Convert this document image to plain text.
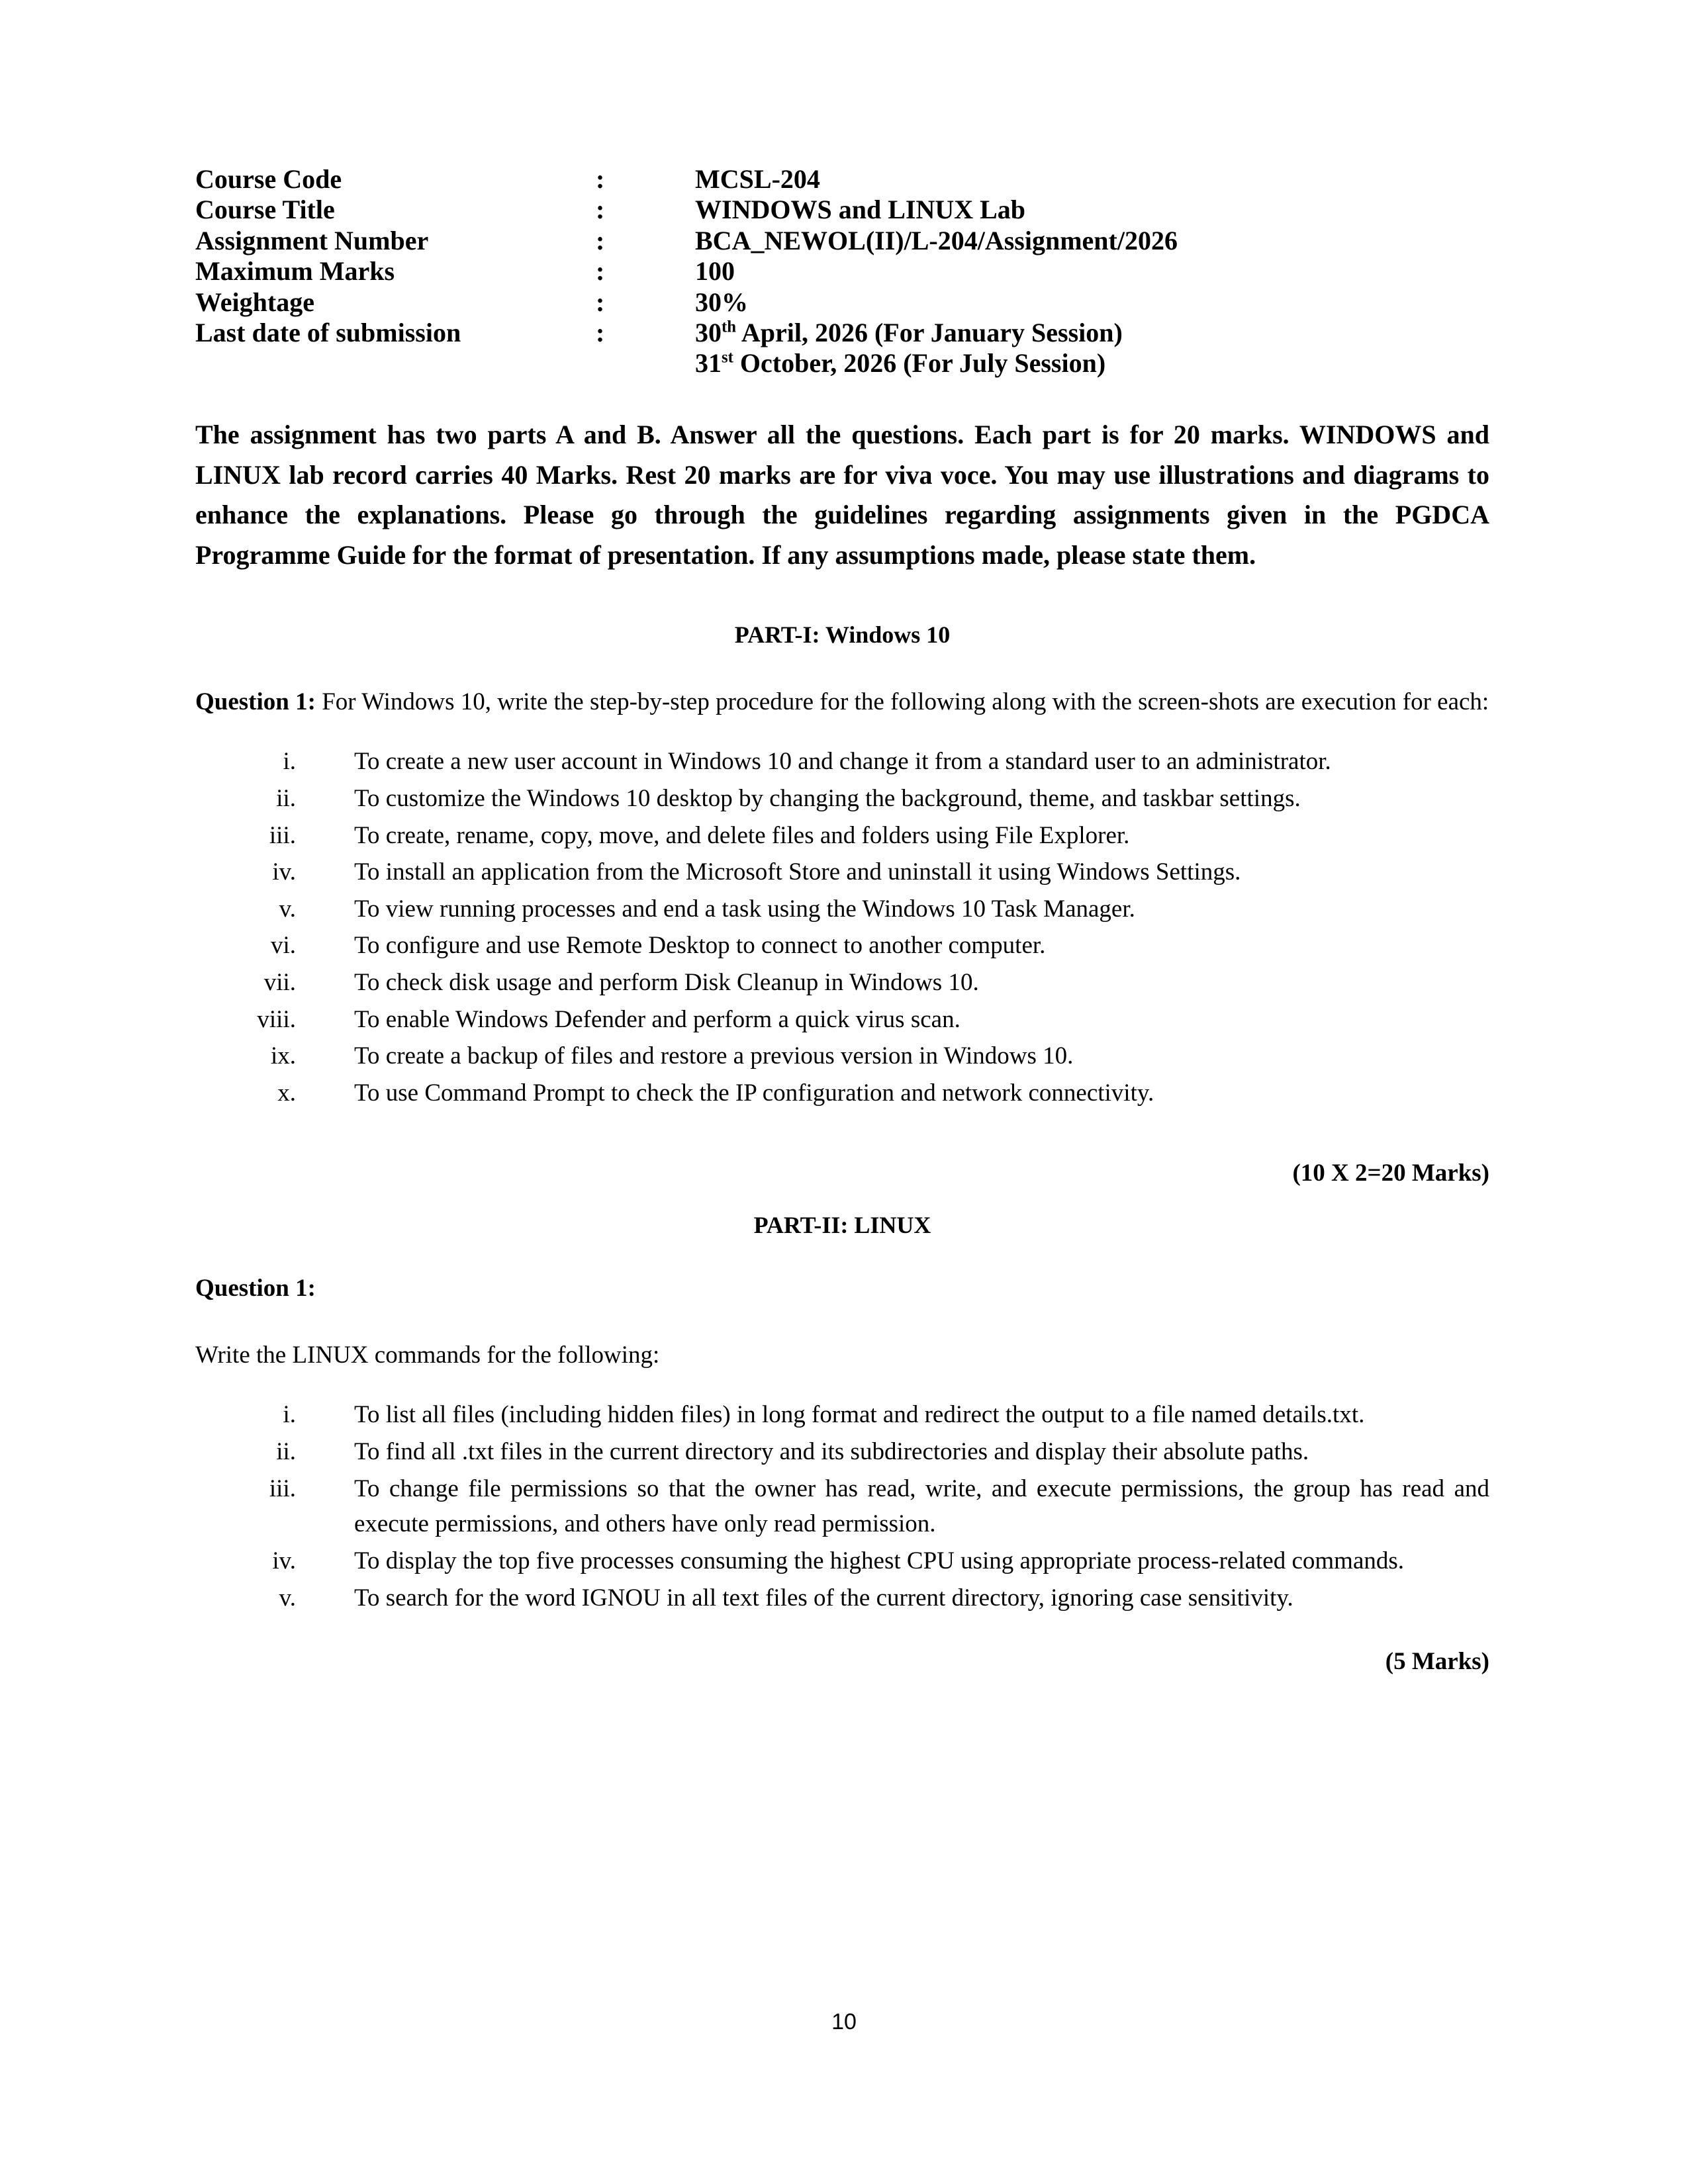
Course Code	:	MCSL-204
Course Title	:	WINDOWS and LINUX Lab
Assignment Number	:	BCA_NEWOL(II)/L-204/Assignment/2026
Maximum Marks	:	100
Weightage	:	30%
Last date of submission	:	30th April, 2026 (For January Session)
31st October, 2026 (For July Session)

The assignment has two parts A and B. Answer all the questions. Each part is for 20 marks. WINDOWS and LINUX lab record carries 40 Marks. Rest 20 marks are for viva voce. You may use illustrations and diagrams to enhance the explanations. Please go through the guidelines regarding assignments given in the PGDCA Programme Guide for the format of presentation. If any assumptions made, please state them.

PART-I: Windows 10

Question 1: For Windows 10, write the step-by-step procedure for the following along with the screen-shots are execution for each:

i. To create a new user account in Windows 10 and change it from a standard user to an administrator.
ii. To customize the Windows 10 desktop by changing the background, theme, and taskbar settings.
iii. To create, rename, copy, move, and delete files and folders using File Explorer.
iv. To install an application from the Microsoft Store and uninstall it using Windows Settings.
v. To view running processes and end a task using the Windows 10 Task Manager.
vi. To configure and use Remote Desktop to connect to another computer.
vii. To check disk usage and perform Disk Cleanup in Windows 10.
viii. To enable Windows Defender and perform a quick virus scan.
ix. To create a backup of files and restore a previous version in Windows 10.
x. To use Command Prompt to check the IP configuration and network connectivity.
(10 X 2=20 Marks)
PART-II: LINUX

Question 1:

Write the LINUX commands for the following:

i. To list all files (including hidden files) in long format and redirect the output to a file named details.txt.
ii. To find all .txt files in the current directory and its subdirectories and display their absolute paths.
iii. To change file permissions so that the owner has read, write, and execute permissions, the group has read and execute permissions, and others have only read permission.
iv. To display the top five processes consuming the highest CPU using appropriate process-related commands.
v. To search for the word IGNOU in all text files of the current directory, ignoring case sensitivity.
(5 Marks)
10
